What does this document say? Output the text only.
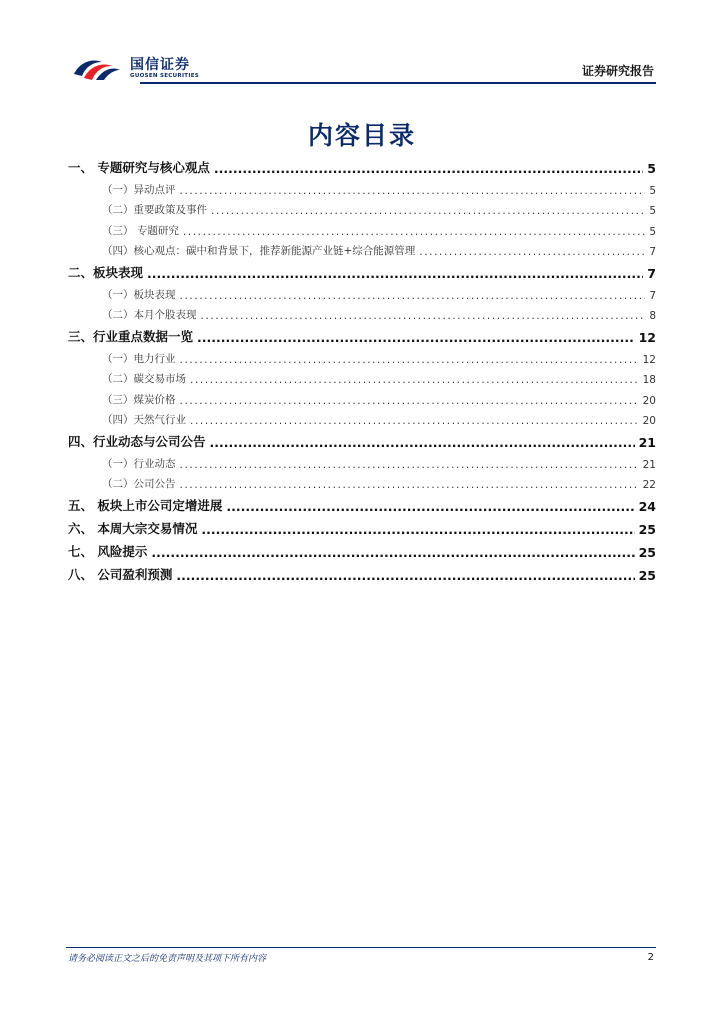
国信证券
GUOSEN SECURITIES	证券研究报告
内容目录
一、 专题研究与核心观点 .....	5
（一）异动点评 .....	5
（二）重要政策及事件 .....	5
（三） 专题研究 .....	5
（四）核心观点：碳中和背景下，推荐新能源产业链+综合能源管理 .....	7
二、板块表现 .....	7
（一）板块表现 .....	7
（二）本月个股表现 .....	8
三、行业重点数据一览 .....	12
（一）电力行业 .....	12
（二）碳交易市场 .....	18
（三）煤炭价格 .....	20
（四）天然气行业 .....	20
四、行业动态与公司公告 .....	21
（一）行业动态 .....	21
（二）公司公告 .....	22
五、 板块上市公司定增进展 .....	24
六、 本周大宗交易情况 .....	25
七、 风险提示 .....	25
八、 公司盈利预测 .....	25
请务必阅读正文之后的免责声明及其项下所有内容	2
